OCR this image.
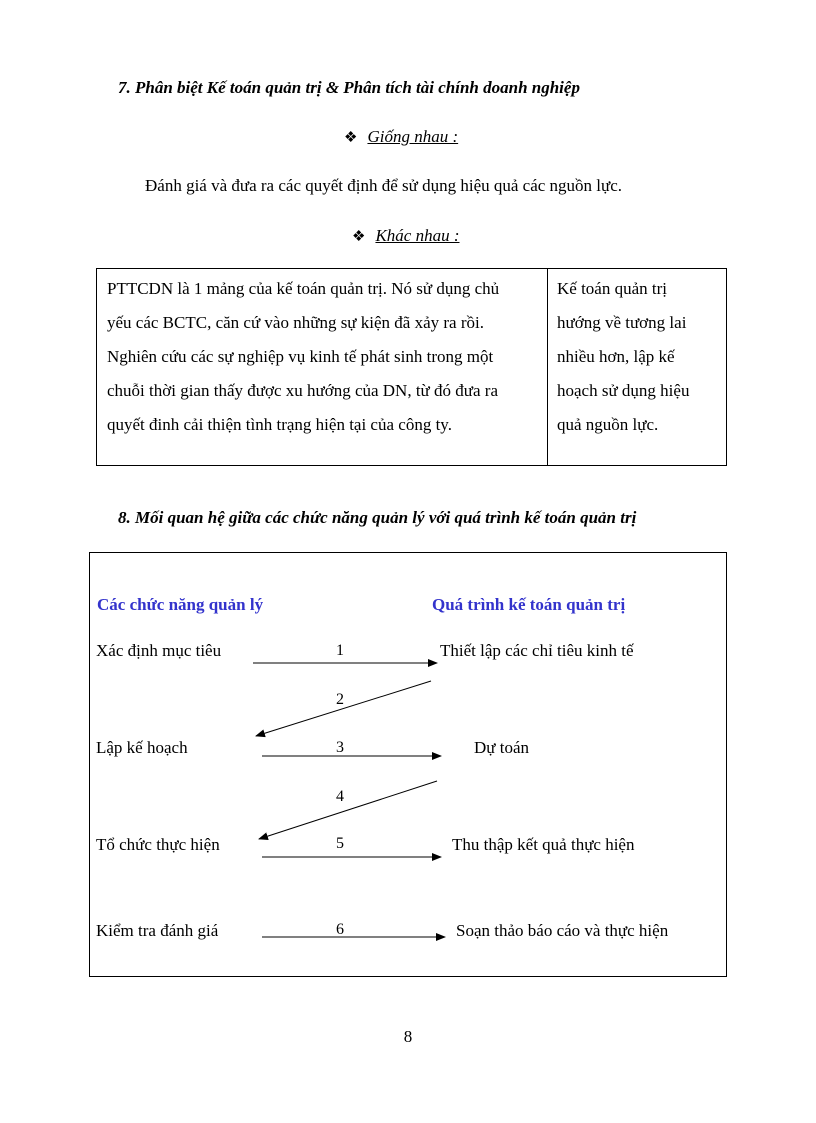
7. Phân biệt Kế toán quản trị & Phân tích tài chính doanh nghiệp
❖ Giống nhau :
Đánh giá và đưa ra các quyết định để sử dụng hiệu quả các nguồn lực.
❖ Khác nhau :
PTTCDN là 1 mảng của kế toán quản trị. Nó sử dụng chủ
yếu các BCTC, căn cứ vào những sự kiện đã xảy ra rồi.
Nghiên cứu các sự nghiệp vụ kinh tế phát sinh trong một
chuỗi thời gian thấy được xu hướng của DN, từ đó đưa ra
quyết đinh cải thiện tình trạng hiện tại của công ty.
Kế toán quản trị
hướng về tương lai
nhiều hơn, lập kế
hoạch sử dụng hiệu
quả nguồn lực.
8. Mối quan hệ giữa các chức năng quản lý với quá trình kế toán quản trị
Các chức năng quản lý	Quá trình kế toán quản trị
Xác định mục tiêu
Lập kế hoạch
Tổ chức thực hiện
Kiểm tra đánh giá
Thiết lập các chỉ tiêu kinh tế
Dự toán
Thu thập kết quả thực hiện
Soạn thảo báo cáo và thực hiện
1
2
3
4
5
6
8
